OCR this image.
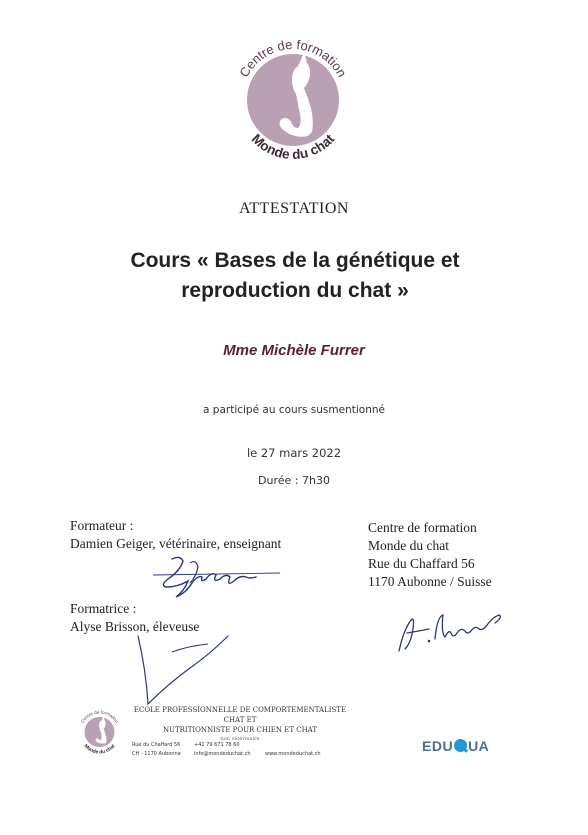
Centre de formation
Monde du chat
ATTESTATION
Cours « Bases de la génétique et
reproduction du chat »
Mme Michèle Furrer
a participé au cours susmentionné
le 27 mars 2022
Durée : 7h30
Formateur :
Damien Geiger, vétérinaire, enseignant
Formatrice :
Alyse Brisson, éleveuse
Centre de formation
Monde du chat
Rue du Chaffard 56
1170 Aubonne / Suisse
Centre de formation
Monde du chat
ECOLE PROFESSIONNELLE DE COMPORTEMENTALISTE CHAT ET
NUTRITIONNISTE POUR CHIEN ET CHAT
non vétérinaire
Rue du Chaffard 56
CH - 1170 Aubonne
+41 79 671 78 60
info@mondeduchat.ch	www.mondeduchat.ch	EDU UA
